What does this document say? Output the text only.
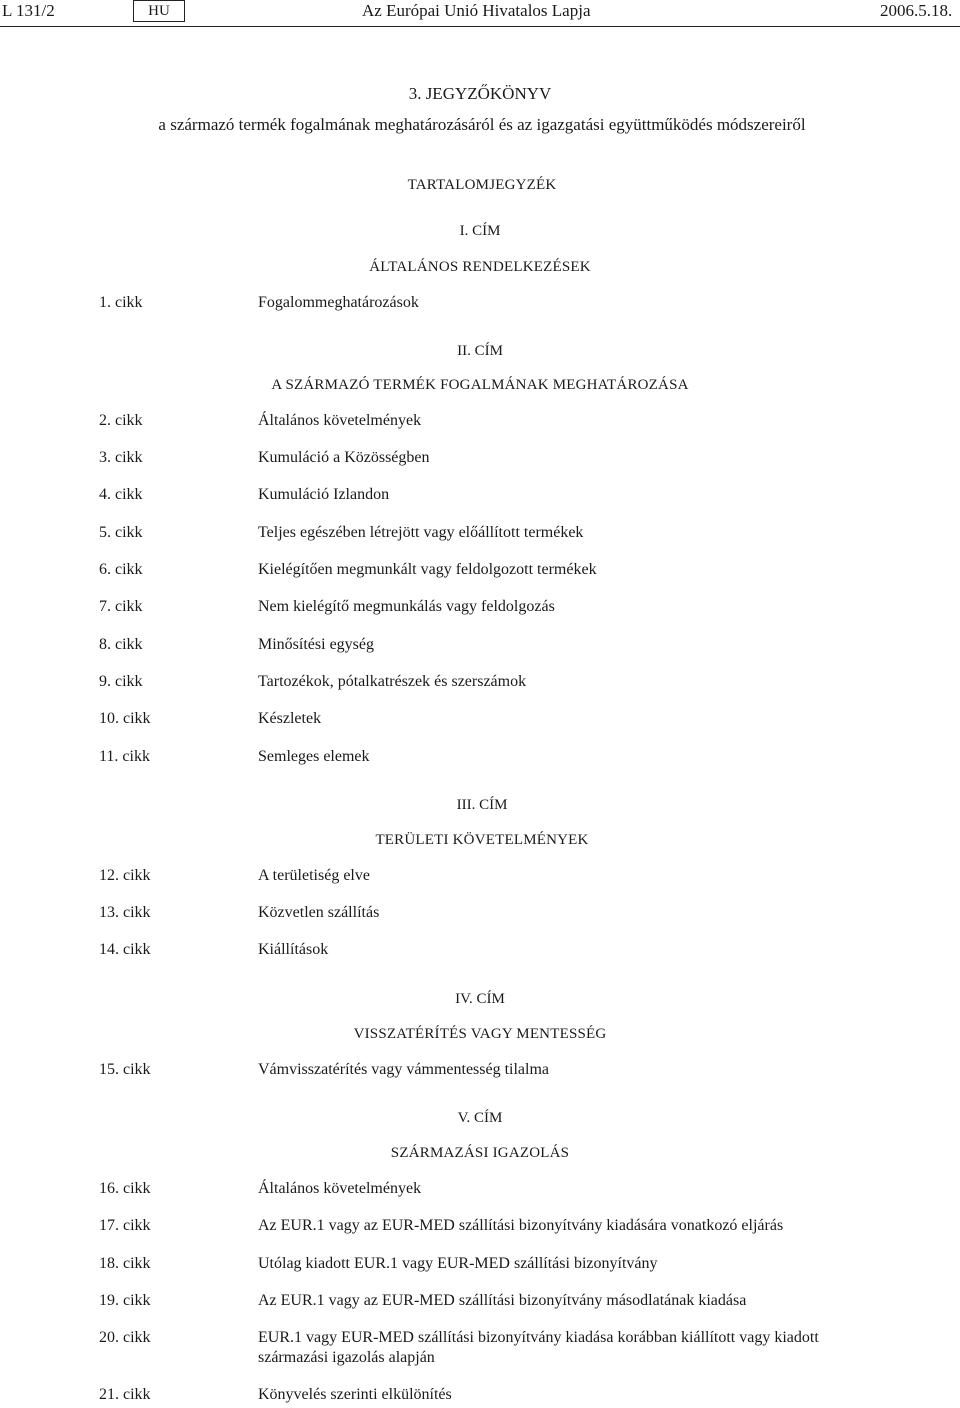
L 131/2	HU	Az Európai Unió Hivatalos Lapja	2006.5.18.
3. JEGYZŐKÖNYV
a származó termék fogalmának meghatározásáról és az igazgatási együttműködés módszereiről
TARTALOMJEGYZÉK
I. CÍM
ÁLTALÁNOS RENDELKEZÉSEK
1. cikk	Fogalommeghatározások
II. CÍM
A SZÁRMAZÓ TERMÉK FOGALMÁNAK MEGHATÁROZÁSA
2. cikk	Általános követelmények
3. cikk	Kumuláció a Közösségben
4. cikk	Kumuláció Izlandon
5. cikk	Teljes egészében létrejött vagy előállított termékek
6. cikk	Kielégítően megmunkált vagy feldolgozott termékek
7. cikk	Nem kielégítő megmunkálás vagy feldolgozás
8. cikk	Minősítési egység
9. cikk	Tartozékok, pótalkatrészek és szerszámok
10. cikk	Készletek
11. cikk	Semleges elemek
III. CÍM
TERÜLETI KÖVETELMÉNYEK
12. cikk	A területiség elve
13. cikk	Közvetlen szállítás
14. cikk	Kiállítások
IV. CÍM
VISSZATÉRÍTÉS VAGY MENTESSÉG
15. cikk	Vámvisszatérítés vagy vámmentesség tilalma
V. CÍM
SZÁRMAZÁSI IGAZOLÁS
16. cikk	Általános követelmények
17. cikk	Az EUR.1 vagy az EUR-MED szállítási bizonyítvány kiadására vonatkozó eljárás
18. cikk	Utólag kiadott EUR.1 vagy EUR-MED szállítási bizonyítvány
19. cikk	Az EUR.1 vagy az EUR-MED szállítási bizonyítvány másodlatának kiadása
20. cikk	EUR.1 vagy EUR-MED szállítási bizonyítvány kiadása korábban kiállított vagy kiadott származási igazolás alapján
21. cikk	Könyvelés szerinti elkülönítés
